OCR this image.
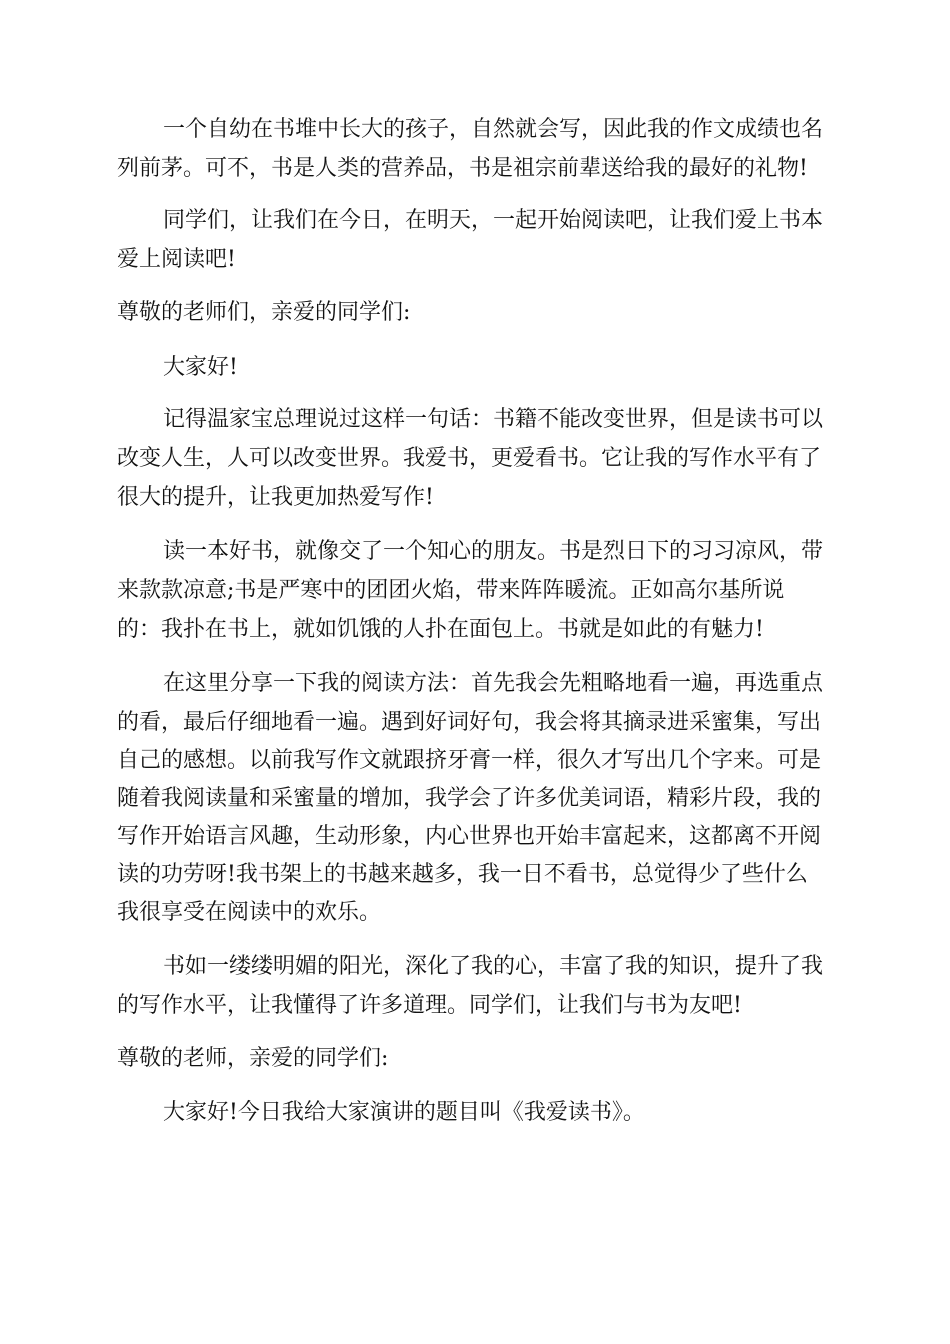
一个自幼在书堆中长大的孩子，自然就会写，因此我的作文成绩也名

列前茅。可不，书是人类的营养品，书是祖宗前辈送给我的最好的礼物!

同学们，让我们在今日，在明天，一起开始阅读吧，让我们爱上书本

爱上阅读吧!

尊敬的老师们，亲爱的同学们:

大家好!

记得温家宝总理说过这样一句话：书籍不能改变世界，但是读书可以

改变人生，人可以改变世界。我爱书，更爱看书。它让我的写作水平有了

很大的提升，让我更加热爱写作!

读一本好书，就像交了一个知心的朋友。书是烈日下的习习凉风，带

来款款凉意;书是严寒中的团团火焰，带来阵阵暖流。正如高尔基所说

的：我扑在书上，就如饥饿的人扑在面包上。书就是如此的有魅力!

在这里分享一下我的阅读方法：首先我会先粗略地看一遍，再选重点

的看，最后仔细地看一遍。遇到好词好句，我会将其摘录进采蜜集，写出

自己的感想。以前我写作文就跟挤牙膏一样，很久才写出几个字来。可是

随着我阅读量和采蜜量的增加，我学会了许多优美词语，精彩片段，我的

写作开始语言风趣，生动形象，内心世界也开始丰富起来，这都离不开阅

读的功劳呀!我书架上的书越来越多，我一日不看书，总觉得少了些什么

我很享受在阅读中的欢乐。

书如一缕缕明媚的阳光，深化了我的心，丰富了我的知识，提升了我

的写作水平，让我懂得了许多道理。同学们，让我们与书为友吧!

尊敬的老师，亲爱的同学们:

大家好!今日我给大家演讲的题目叫《我爱读书》。
